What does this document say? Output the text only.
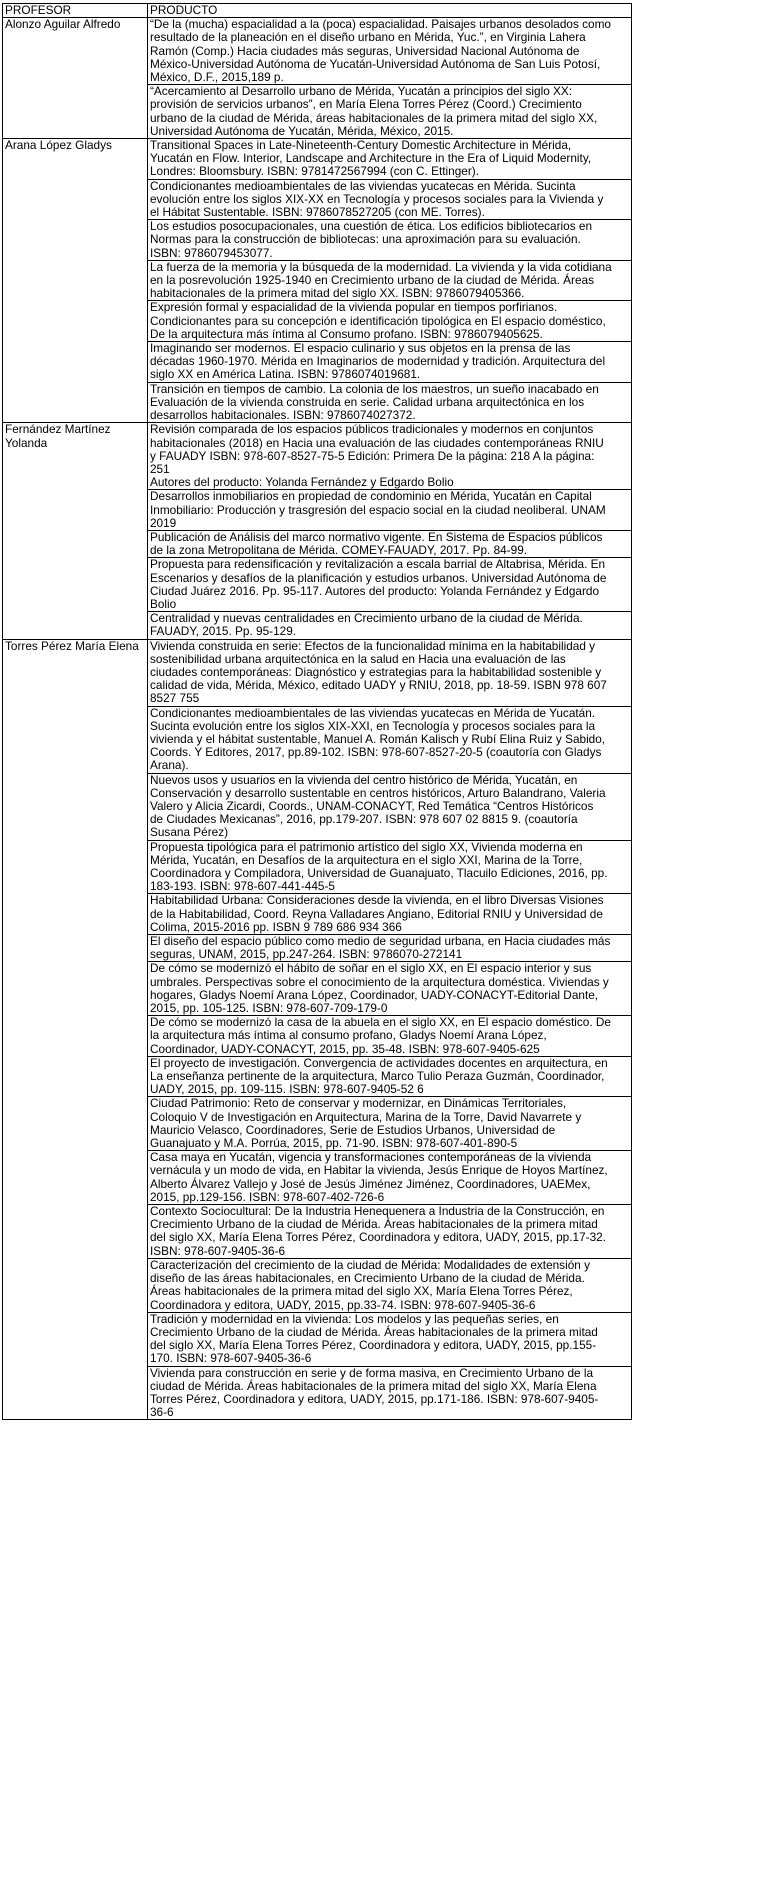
PROFESOR	PRODUCTO
Alonzo Aguilar Alfredo	“De la (mucha) espacialidad a la (poca) espacialidad. Paisajes urbanos desolados como
resultado de la planeación en el diseño urbano en Mérida, Yuc.”, en Virginia Lahera
Ramón (Comp.) Hacia ciudades más seguras, Universidad Nacional Autónoma de
México-Universidad Autónoma de Yucatán-Universidad Autónoma de San Luis Potosí,
México, D.F., 2015,189 p.
	“Acercamiento al Desarrollo urbano de Mérida, Yucatán a principios del siglo XX:
provisión de servicios urbanos”, en María Elena Torres Pérez (Coord.) Crecimiento
urbano de la ciudad de Mérida, áreas habitacionales de la primera mitad del siglo XX,
Universidad Autónoma de Yucatán, Mérida, México, 2015.
Arana López Gladys	Transitional Spaces in Late-Nineteenth-Century Domestic Architecture in Mérida,
Yucatán en Flow. Interior, Landscape and Architecture in the Era of Liquid Modernity,
Londres: Bloomsbury. ISBN: 9781472567994 (con C. Ettinger).
	Condicionantes medioambientales de las viviendas yucatecas en Mérida. Sucinta
evolución entre los siglos XIX-XX en Tecnología y procesos sociales para la Vivienda y
el Hábitat Sustentable. ISBN: 9786078527205 (con ME. Torres).
	Los estudios posocupacionales, una cuestión de ética. Los edificios bibliotecarios en
Normas para la construcción de bibliotecas: una aproximación para su evaluación.
ISBN: 9786079453077.
	La fuerza de la memoria y la búsqueda de la modernidad. La vivienda y la vida cotidiana
en la posrevolución 1925-1940 en Crecimiento urbano de la ciudad de Mérida. Áreas
habitacionales de la primera mitad del siglo XX. ISBN: 9786079405366.
	Expresión formal y espacialidad de la vivienda popular en tiempos porfirianos.
Condicionantes para su concepción e identificación tipológica en El espacio doméstico,
De la arquitectura más íntima al Consumo profano. ISBN: 9786079405625.
	Imaginando ser modernos. El espacio culinario y sus objetos en la prensa de las
décadas 1960-1970. Mérida en Imaginarios de modernidad y tradición. Arquitectura del
siglo XX en América Latina. ISBN: 9786074019681.
	Transición en tiempos de cambio. La colonia de los maestros, un sueño inacabado en
Evaluación de la vivienda construida en serie. Calidad urbana arquitectónica en los
desarrollos habitacionales. ISBN: 9786074027372.
Fernández Martínez Yolanda	Revisión comparada de los espacios públicos tradicionales y modernos en conjuntos
habitacionales (2018) en Hacia una evaluación de las ciudades contemporáneas RNIU
y FAUADY ISBN: 978-607-8527-75-5 Edición: Primera De la página: 218 A la página:
251
Autores del producto: Yolanda Fernández y Edgardo Bolio
	Desarrollos inmobiliarios en propiedad de condominio en Mérida, Yucatán en Capital
Inmobiliario: Producción y trasgresión del espacio social en la ciudad neoliberal. UNAM
2019
	Publicación de Análisis del marco normativo vigente. En Sistema de Espacios públicos
de la zona Metropolitana de Mérida. COMEY-FAUADY, 2017. Pp. 84-99.
	Propuesta para redensificación y revitalización a escala barrial de Altabrisa, Mérida. En
Escenarios y desafíos de la planificación y estudios urbanos. Universidad Autónoma de
Ciudad Juárez 2016. Pp. 95-117. Autores del producto: Yolanda Fernández y Edgardo
Bolio
	Centralidad y nuevas centralidades en Crecimiento urbano de la ciudad de Mérida.
FAUADY, 2015. Pp. 95-129.
Torres Pérez María Elena	Vivienda construida en serie: Efectos de la funcionalidad mínima en la habitabilidad y
sostenibilidad urbana arquitectónica en la salud en Hacia una evaluación de las
ciudades contemporáneas: Diagnóstico y estrategias para la habitabilidad sostenible y
calidad de vida, Mérida, México, editado UADY y RNIU, 2018, pp. 18-59. ISBN 978 607
8527 755
	Condicionantes medioambientales de las viviendas yucatecas en Mérida de Yucatán.
Sucinta evolución entre los siglos XIX-XXI, en Tecnología y procesos sociales para la
vivienda y el hábitat sustentable, Manuel A. Román Kalisch y Rubí Elina Ruiz y Sabido,
Coords. Y Editores, 2017, pp.89-102. ISBN: 978-607-8527-20-5 (coautoría con Gladys
Arana).
	Nuevos usos y usuarios en la vivienda del centro histórico de Mérida, Yucatán, en
Conservación y desarrollo sustentable en centros históricos, Arturo Balandrano, Valeria
Valero y Alicia Zicardi, Coords., UNAM-CONACYT, Red Temática “Centros Históricos
de Ciudades Mexicanas”, 2016, pp.179-207. ISBN: 978 607 02 8815 9. (coautoría
Susana Pérez)
	Propuesta tipológica para el patrimonio artístico del siglo XX, Vivienda moderna en
Mérida, Yucatán, en Desafíos de la arquitectura en el siglo XXI, Marina de la Torre,
Coordinadora y Compiladora, Universidad de Guanajuato, Tlacuilo Ediciones, 2016, pp.
183-193. ISBN: 978-607-441-445-5
	Habitabilidad Urbana: Consideraciones desde la vivienda, en el libro Diversas Visiones
de la Habitabilidad, Coord. Reyna Valladares Angiano, Editorial RNIU y Universidad de
Colima, 2015-2016 pp. ISBN 9 789 686 934 366
	El diseño del espacio público como medio de seguridad urbana, en Hacia ciudades más
seguras, UNAM, 2015, pp.247-264. ISBN: 9786070-272141
	De cómo se modernizó el hábito de soñar en el siglo XX, en El espacio interior y sus
umbrales. Perspectivas sobre el conocimiento de la arquitectura doméstica. Viviendas y
hogares, Gladys Noemí Arana López, Coordinador, UADY-CONACYT-Editorial Dante,
2015, pp. 105-125. ISBN: 978-607-709-179-0
	De cómo se modernizó la casa de la abuela en el siglo XX, en El espacio doméstico. De
la arquitectura más íntima al consumo profano, Gladys Noemí Arana López,
Coordinador, UADY-CONACYT, 2015, pp. 35-48. ISBN: 978-607-9405-625
	El proyecto de investigación. Convergencia de actividades docentes en arquitectura, en
La enseñanza pertinente de la arquitectura, Marco Tulio Peraza Guzmán, Coordinador,
UADY, 2015, pp. 109-115. ISBN: 978-607-9405-52 6
	Ciudad Patrimonio: Reto de conservar y modernizar, en Dinámicas Territoriales,
Coloquio V de Investigación en Arquitectura, Marina de la Torre, David Navarrete y
Mauricio Velasco, Coordinadores, Serie de Estudios Urbanos, Universidad de
Guanajuato y M.A. Porrúa, 2015, pp. 71-90. ISBN: 978-607-401-890-5
	Casa maya en Yucatán, vigencia y transformaciones contemporáneas de la vivienda
vernácula y un modo de vida, en Habitar la vivienda, Jesús Enrique de Hoyos Martínez,
Alberto Álvarez Vallejo y José de Jesús Jiménez Jiménez, Coordinadores, UAEMex,
2015, pp.129-156. ISBN: 978-607-402-726-6
	Contexto Sociocultural: De la Industria Henequenera a Industria de la Construcción, en
Crecimiento Urbano de la ciudad de Mérida. Áreas habitacionales de la primera mitad
del siglo XX, María Elena Torres Pérez, Coordinadora y editora, UADY, 2015, pp.17-32.
ISBN: 978-607-9405-36-6
	Caracterización del crecimiento de la ciudad de Mérida: Modalidades de extensión y
diseño de las áreas habitacionales, en Crecimiento Urbano de la ciudad de Mérida.
Áreas habitacionales de la primera mitad del siglo XX, María Elena Torres Pérez,
Coordinadora y editora, UADY, 2015, pp.33-74. ISBN: 978-607-9405-36-6
	Tradición y modernidad en la vivienda: Los modelos y las pequeñas series, en
Crecimiento Urbano de la ciudad de Mérida. Áreas habitacionales de la primera mitad
del siglo XX, María Elena Torres Pérez, Coordinadora y editora, UADY, 2015, pp.155-
170. ISBN: 978-607-9405-36-6
	Vivienda para construcción en serie y de forma masiva, en Crecimiento Urbano de la
ciudad de Mérida. Áreas habitacionales de la primera mitad del siglo XX, María Elena
Torres Pérez, Coordinadora y editora, UADY, 2015, pp.171-186. ISBN: 978-607-9405-
36-6
